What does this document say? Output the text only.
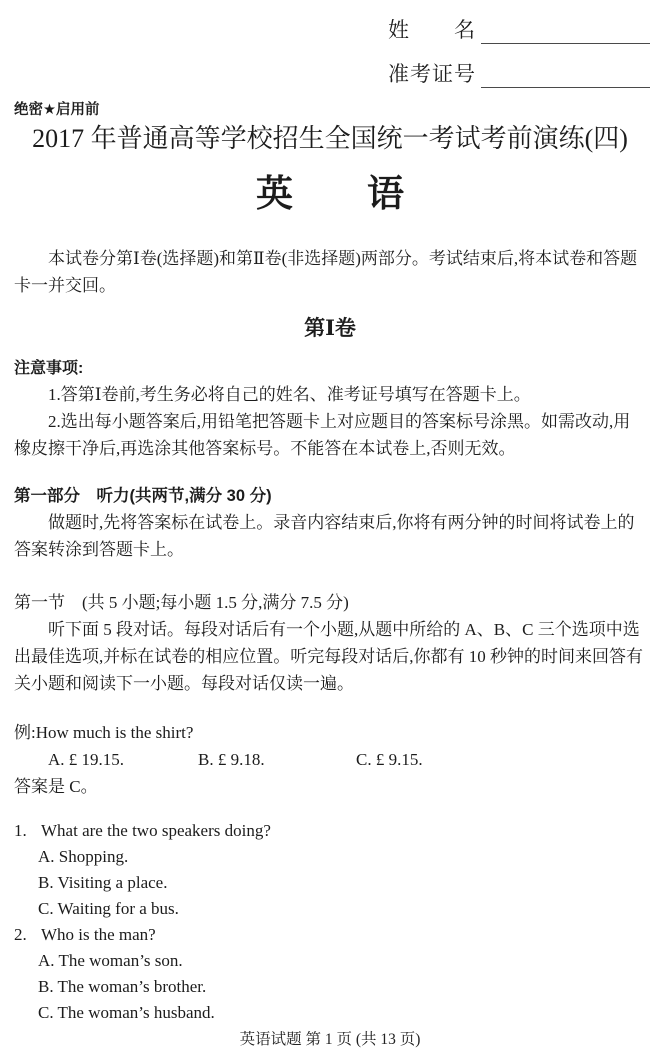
姓　　名
准考证号
绝密★启用前
2017 年普通高等学校招生全国统一考试考前演练(四)
英　　语
本试卷分第Ⅰ卷(选择题)和第Ⅱ卷(非选择题)两部分。考试结束后,将本试卷和答题卡一并交回。
第Ⅰ卷
注意事项:
1.答第Ⅰ卷前,考生务必将自己的姓名、准考证号填写在答题卡上。
2.选出每小题答案后,用铅笔把答题卡上对应题目的答案标号涂黑。如需改动,用橡皮擦干净后,再选涂其他答案标号。不能答在本试卷上,否则无效。
第一部分　听力(共两节,满分 30 分)
做题时,先将答案标在试卷上。录音内容结束后,你将有两分钟的时间将试卷上的答案转涂到答题卡上。
第一节　(共 5 小题;每小题 1.5 分,满分 7.5 分)
听下面 5 段对话。每段对话后有一个小题,从题中所给的 A、B、C 三个选项中选出最佳选项,并标在试卷的相应位置。听完每段对话后,你都有 10 秒钟的时间来回答有关小题和阅读下一小题。每段对话仅读一遍。
例:How much is the shirt?
A. £ 19.15.	B. £ 9.18.	C. £ 9.15.
答案是 C。
1. What are the two speakers doing?
A. Shopping.
B. Visiting a place.
C. Waiting for a bus.
2. Who is the man?
A. The woman’s son.
B. The woman’s brother.
C. The woman’s husband.
英语试题 第 1 页 (共 13 页)
